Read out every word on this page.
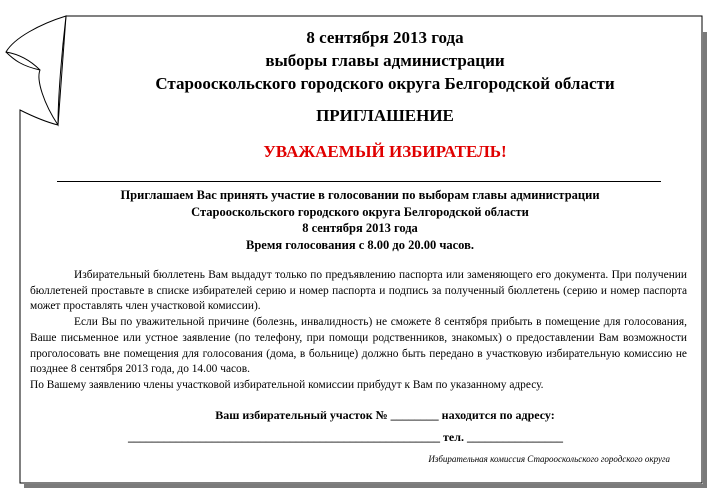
8 сентября 2013 года
выборы главы администрации
Старооскольского городского округа Белгородской области
ПРИГЛАШЕНИЕ
УВАЖАЕМЫЙ ИЗБИРАТЕЛЬ!
Приглашаем Вас принять участие в голосовании по выборам главы администрации
Старооскольского городского округа Белгородской области
8 сентября 2013 года
Время голосования с 8.00 до 20.00 часов.

Избирательный бюллетень Вам выдадут только по предъявлению паспорта или заменяющего его документа. При получении бюллетеней проставьте в списке избирателей серию и номер паспорта и подпись за полученный бюллетень (серию и номер паспорта может проставлять член участковой комиссии).

Если Вы по уважительной причине (болезнь, инвалидность) не сможете 8 сентября прибыть в помещение для голосования, Ваше письменное или устное заявление (по телефону, при помощи родственников, знакомых) о предоставлении Вам возможности проголосовать вне помещения для голосования (дома, в больнице) должно быть передано в участковую избирательную комиссию не позднее 8 сентября 2013 года, до 14.00 часов.

По Вашему заявлению члены участковой избирательной комиссии прибудут к Вам по указанному адресу.

Ваш избирательный участок № ________ находится по адресу:
____________________________________________________ тел. ________________
Избирательная комиссия Старооскольского городского округа
